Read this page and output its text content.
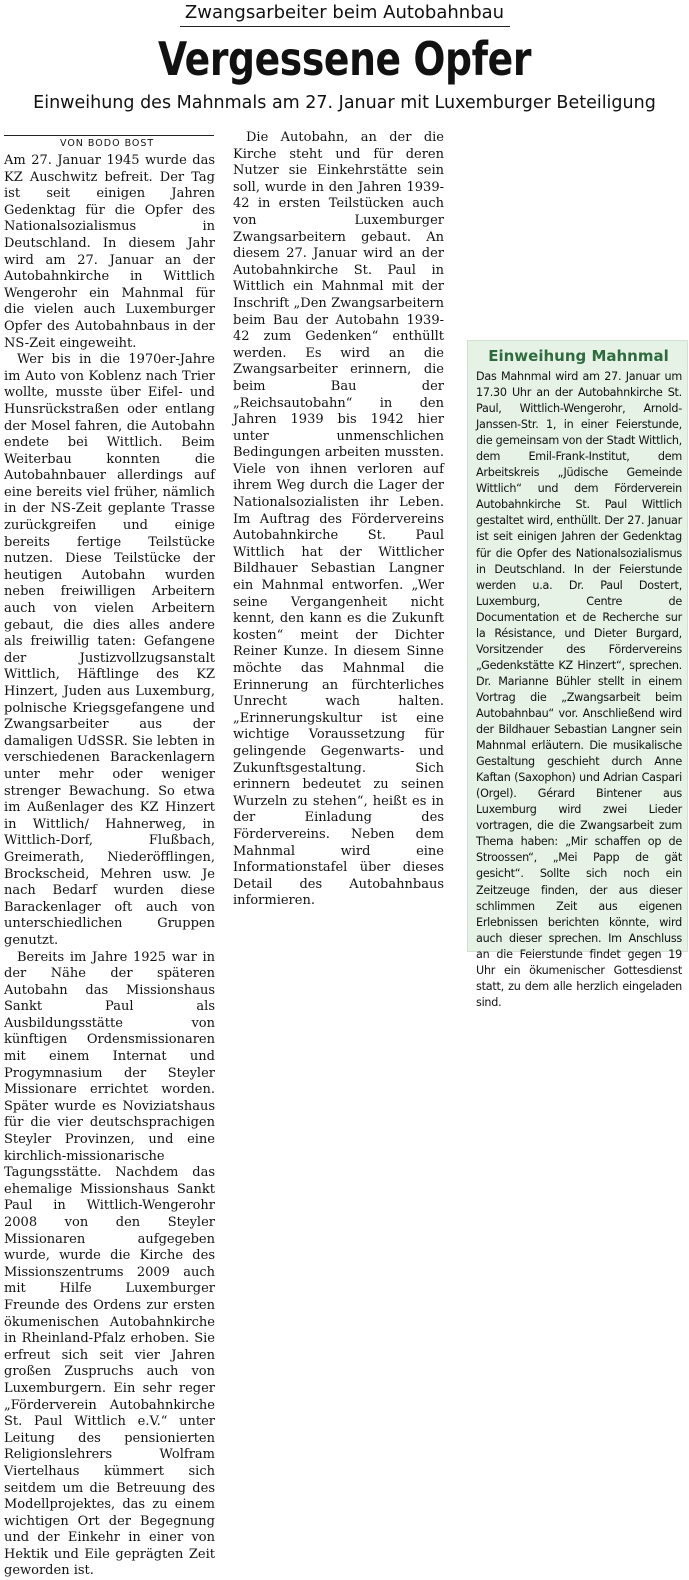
Zwangsarbeiter beim Autobahnbau
Vergessene Opfer
Einweihung des Mahnmals am 27. Januar mit Luxemburger Beteiligung
VON BODO BOST

Am 27. Januar 1945 wurde das KZ Auschwitz befreit. Der Tag ist seit einigen Jahren Gedenktag für die Opfer des Nationalsozialismus in Deutschland. In diesem Jahr wird am 27. Januar an der Autobahnkirche in Wittlich Wengerohr ein Mahnmal für die vielen auch Luxemburger Opfer des Autobahnbaus in der NS-Zeit eingeweiht.

Wer bis in die 1970er-Jahre im Auto von Koblenz nach Trier wollte, musste über Eifel- und Hunsrückstraßen oder entlang der Mosel fahren, die Autobahn endete bei Wittlich. Beim Weiterbau konnten die Autobahnbauer allerdings auf eine bereits viel früher, nämlich in der NS-Zeit geplante Trasse zurückgreifen und einige bereits fertige Teilstücke nutzen. Diese Teilstücke der heutigen Autobahn wurden neben freiwilligen Arbeitern auch von vielen Arbeitern gebaut, die dies alles andere als freiwillig taten: Gefangene der Justizvollzugsanstalt Wittlich, Häftlinge des KZ Hinzert, Juden aus Luxemburg, polnische Kriegsgefangene und Zwangsarbeiter aus der damaligen UdSSR. Sie lebten in verschiedenen Barackenlagern unter mehr oder weniger strenger Bewachung. So etwa im Außenlager des KZ Hinzert in Wittlich/ Hahnerweg, in Wittlich-Dorf, Flußbach, Greimerath, Niederöfflingen, Brockscheid, Mehren usw. Je nach Bedarf wurden diese Barackenlager oft auch von unterschiedlichen Gruppen genutzt.

Bereits im Jahre 1925 war in der Nähe der späteren Autobahn das Missionshaus Sankt Paul als Ausbildungsstätte von künftigen Ordensmissionaren mit einem Internat und Progymnasium der Steyler Missionare errichtet worden. Später wurde es Noviziatshaus für die vier deutschsprachigen Steyler Provinzen, und eine kirchlich-missionarische Tagungsstätte. Nachdem das ehemalige Missionshaus Sankt Paul in Wittlich-Wengerohr 2008 von den Steyler Missionaren aufgegeben wurde, wurde die Kirche des Missionszentrums 2009 auch mit Hilfe Luxemburger Freunde des Ordens zur ersten ökumenischen Autobahnkirche in Rheinland-Pfalz erhoben. Sie erfreut sich seit vier Jahren großen Zuspruchs auch von Luxemburgern. Ein sehr reger „Förderverein Autobahnkirche St. Paul Wittlich e.V.“ unter Leitung des pensionierten Religionslehrers Wolfram Viertelhaus kümmert sich seitdem um die Betreuung des Modellprojektes, das zu einem wichtigen Ort der Begegnung und der Einkehr in einer von Hektik und Eile geprägten Zeit geworden ist.

Die Autobahn, an der die Kirche steht und für deren Nutzer sie Einkehrstätte sein soll, wurde in den Jahren 1939-42 in ersten Teilstücken auch von Luxemburger Zwangsarbeitern gebaut. An diesem 27. Januar wird an der Autobahnkirche St. Paul in Wittlich ein Mahnmal mit der Inschrift „Den Zwangsarbeitern beim Bau der Autobahn 1939-42 zum Gedenken“ enthüllt werden. Es wird an die Zwangsarbeiter erinnern, die beim Bau der „Reichsautobahn“ in den Jahren 1939 bis 1942 hier unter unmenschlichen Bedingungen arbeiten mussten. Viele von ihnen verloren auf ihrem Weg durch die Lager der Nationalsozialisten ihr Leben. Im Auftrag des Fördervereins Autobahnkirche St. Paul Wittlich hat der Wittlicher Bildhauer Sebastian Langner ein Mahnmal entworfen. „Wer seine Vergangenheit nicht kennt, den kann es die Zukunft kosten“ meint der Dichter Reiner Kunze. In diesem Sinne möchte das Mahnmal die Erinnerung an fürchterliches Unrecht wach halten. „Erinnerungskultur ist eine wichtige Voraussetzung für gelingende Gegenwarts- und Zukunftsgestaltung. Sich erinnern bedeutet zu seinen Wurzeln zu stehen“, heißt es in der Einladung des Fördervereins. Neben dem Mahnmal wird eine Informationstafel über dieses Detail des Autobahnbaus informieren.

Einweihung Mahnmal
Das Mahnmal wird am 27. Januar um 17.30 Uhr an der Autobahnkirche St. Paul, Wittlich-Wengerohr, Arnold-Janssen-Str. 1, in einer Feierstunde, die gemeinsam von der Stadt Wittlich, dem Emil-Frank-Institut, dem Arbeitskreis „Jüdische Gemeinde Wittlich“ und dem Förderverein Autobahnkirche St. Paul Wittlich gestaltet wird, enthüllt. Der 27. Januar ist seit einigen Jahren der Gedenktag für die Opfer des Nationalsozialismus in Deutschland. In der Feierstunde werden u.a. Dr. Paul Dostert, Luxemburg, Centre de Documentation et de Recherche sur la Résistance, und Dieter Burgard, Vorsitzender des Fördervereins „Gedenkstätte KZ Hinzert“, sprechen. Dr. Marianne Bühler stellt in einem Vortrag die „Zwangsarbeit beim Autobahnbau“ vor. Anschließend wird der Bildhauer Sebastian Langner sein Mahnmal erläutern. Die musikalische Gestaltung geschieht durch Anne Kaftan (Saxophon) und Adrian Caspari (Orgel). Gérard Bintener aus Luxemburg wird zwei Lieder vortragen, die die Zwangsarbeit zum Thema haben: „Mir schaffen op de Stroossen“, „Mei Papp de gät gesicht“. Sollte sich noch ein Zeitzeuge finden, der aus dieser schlimmen Zeit aus eigenen Erlebnissen berichten könnte, wird auch dieser sprechen. Im Anschluss an die Feierstunde findet gegen 19 Uhr ein ökumenischer Gottesdienst statt, zu dem alle herzlich eingeladen sind.
